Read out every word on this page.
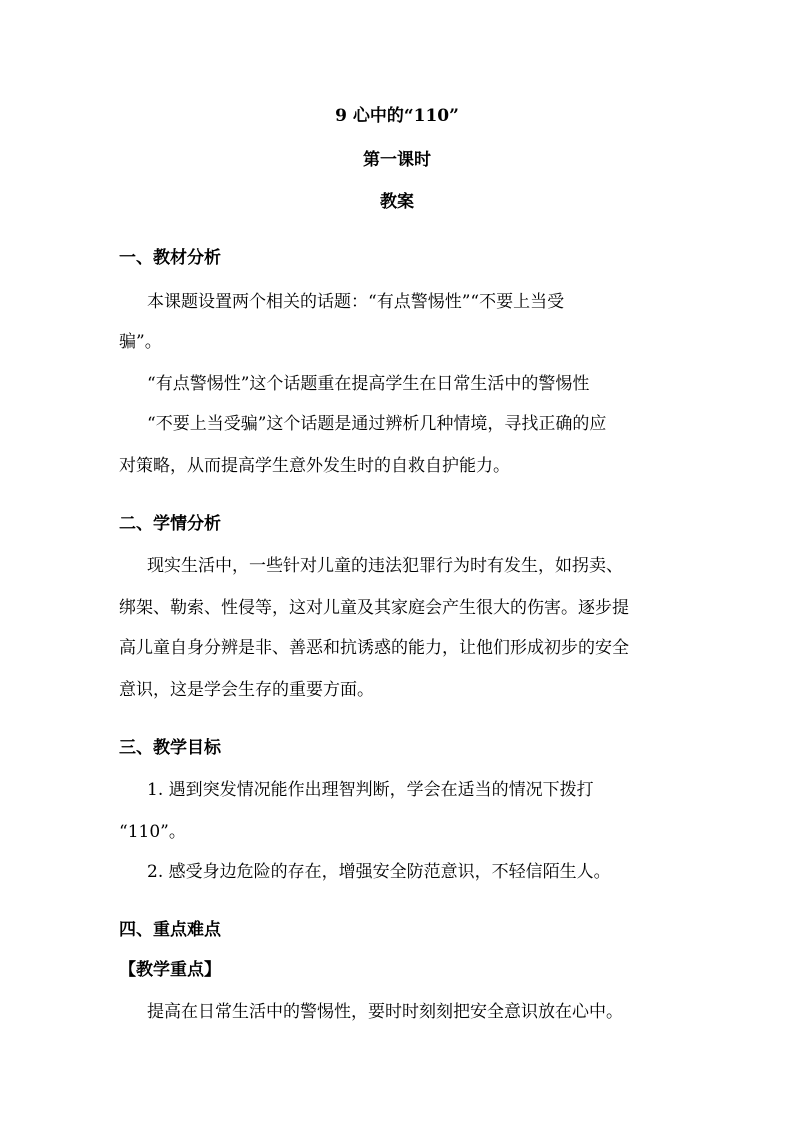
9 心中的“110”
第一课时
教案
一、教材分析
本课题设置两个相关的话题：“有点警惕性”“不要上当受
骗”。
“有点警惕性”这个话题重在提高学生在日常生活中的警惕性
“不要上当受骗”这个话题是通过辨析几种情境，寻找正确的应
对策略，从而提高学生意外发生时的自救自护能力。
二、学情分析
现实生活中，一些针对儿童的违法犯罪行为时有发生，如拐卖、
绑架、勒索、性侵等，这对儿童及其家庭会产生很大的伤害。逐步提
高儿童自身分辨是非、善恶和抗诱惑的能力，让他们形成初步的安全
意识，这是学会生存的重要方面。
三、教学目标
1. 遇到突发情况能作出理智判断，学会在适当的情况下拨打
“110”。
2. 感受身边危险的存在，增强安全防范意识，不轻信陌生人。
四、重点难点
【教学重点】
提高在日常生活中的警惕性，要时时刻刻把安全意识放在心中。
